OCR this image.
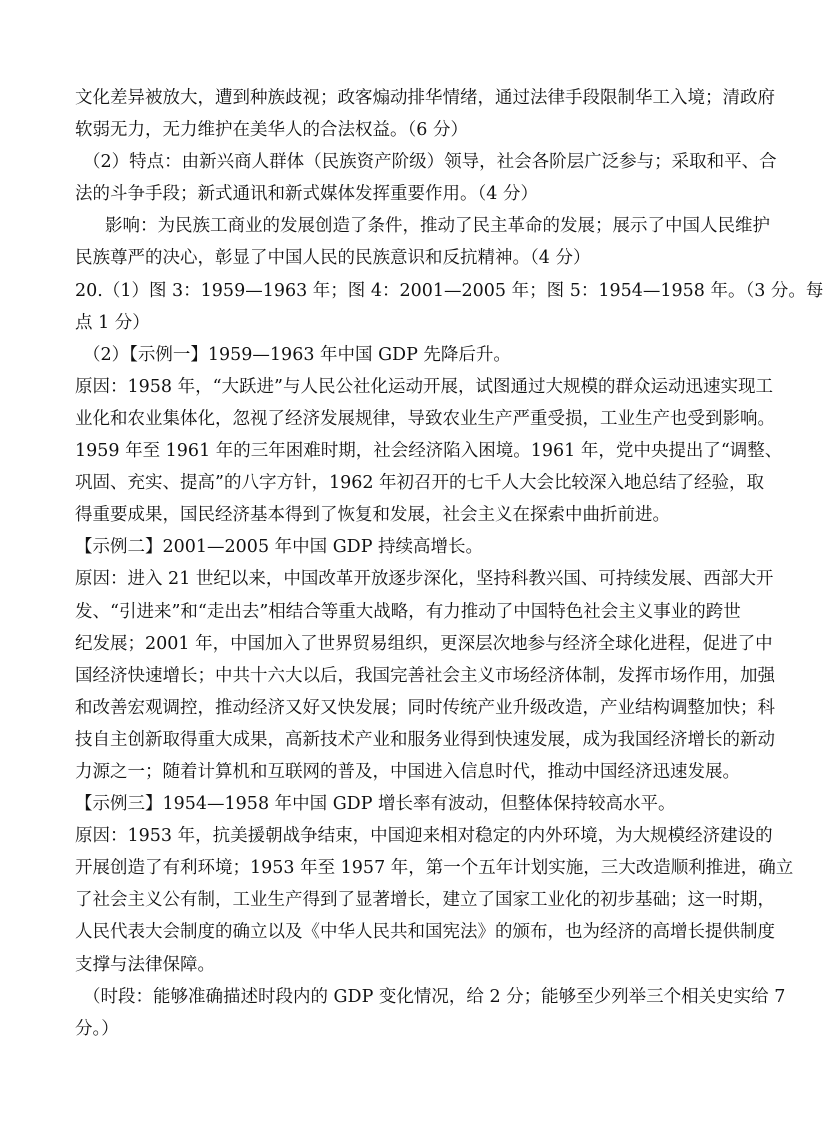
文化差异被放大，遭到种族歧视；政客煽动排华情绪，通过法律手段限制华工入境；清政府
软弱无力，无力维护在美华人的合法权益。（6 分）
（2）特点：由新兴商人群体（民族资产阶级）领导，社会各阶层广泛参与；采取和平、合
法的斗争手段；新式通讯和新式媒体发挥重要作用。（4 分）
影响：为民族工商业的发展创造了条件，推动了民主革命的发展；展示了中国人民维护
民族尊严的决心，彰显了中国人民的民族意识和反抗精神。（4 分）
20.（1）图 3：1959—1963 年；图 4：2001—2005 年；图 5：1954—1958 年。（3 分。每
点 1 分）
（2）【示例一】1959—1963 年中国 GDP 先降后升。
原因：1958 年，“大跃进”与人民公社化运动开展，试图通过大规模的群众运动迅速实现工
业化和农业集体化，忽视了经济发展规律，导致农业生产严重受损，工业生产也受到影响。
1959 年至 1961 年的三年困难时期，社会经济陷入困境。1961 年，党中央提出了“调整、
巩固、充实、提高”的八字方针，1962 年初召开的七千人大会比较深入地总结了经验，取
得重要成果，国民经济基本得到了恢复和发展，社会主义在探索中曲折前进。
【示例二】2001—2005 年中国 GDP 持续高增长。
原因：进入 21 世纪以来，中国改革开放逐步深化，坚持科教兴国、可持续发展、西部大开
发、“引进来”和“走出去”相结合等重大战略，有力推动了中国特色社会主义事业的跨世
纪发展；2001 年，中国加入了世界贸易组织，更深层次地参与经济全球化进程，促进了中
国经济快速增长；中共十六大以后，我国完善社会主义市场经济体制，发挥市场作用，加强
和改善宏观调控，推动经济又好又快发展；同时传统产业升级改造，产业结构调整加快；科
技自主创新取得重大成果，高新技术产业和服务业得到快速发展，成为我国经济增长的新动
力源之一；随着计算机和互联网的普及，中国进入信息时代，推动中国经济迅速发展。
【示例三】1954—1958 年中国 GDP 增长率有波动，但整体保持较高水平。
原因：1953 年，抗美援朝战争结束，中国迎来相对稳定的内外环境，为大规模经济建设的
开展创造了有利环境；1953 年至 1957 年，第一个五年计划实施，三大改造顺利推进，确立
了社会主义公有制，工业生产得到了显著增长，建立了国家工业化的初步基础；这一时期，
人民代表大会制度的确立以及《中华人民共和国宪法》的颁布，也为经济的高增长提供制度
支撑与法律保障。
（时段：能够准确描述时段内的 GDP 变化情况，给 2 分；能够至少列举三个相关史实给 7
分。）
